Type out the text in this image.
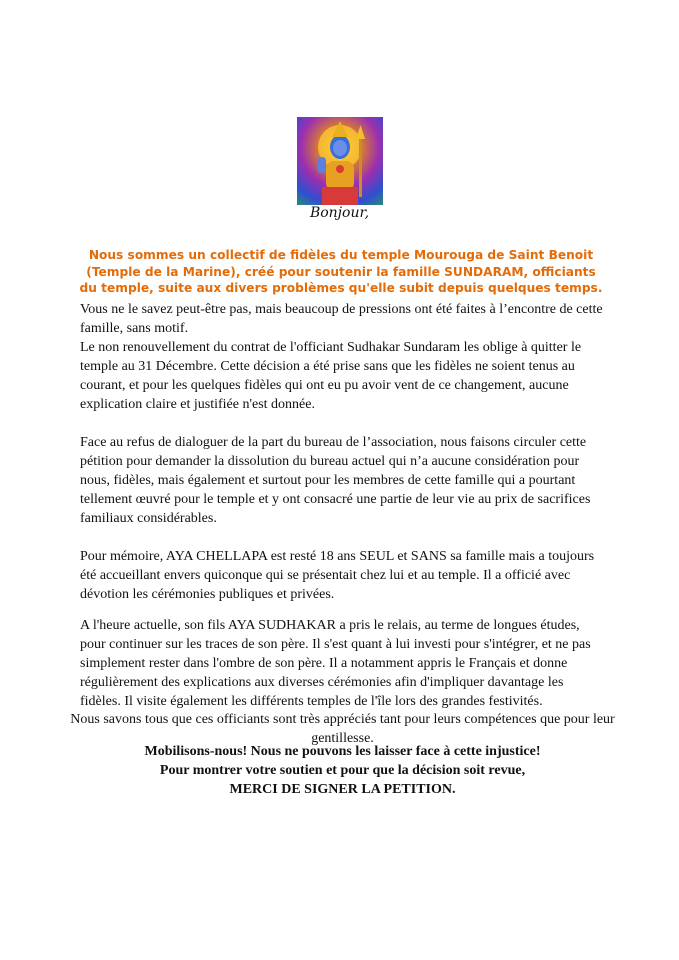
Bonjour,
Nous sommes un collectif de fidèles du temple Mourouga de Saint Benoit (Temple de la Marine), créé pour soutenir la famille SUNDARAM, officiants du temple, suite aux divers problèmes qu'elle subit depuis quelques temps.

Vous ne le savez peut-être pas, mais beaucoup de pressions ont été faites à l’encontre de cette famille, sans motif.

Le non renouvellement du contrat de l'officiant Sudhakar Sundaram les oblige à quitter le temple au 31 Décembre. Cette décision a été prise sans que les fidèles ne soient tenus au courant, et pour les quelques fidèles qui ont eu pu avoir vent de ce changement, aucune explication claire et justifiée n'est donnée.

Face au refus de dialoguer de la part du bureau de l’association, nous faisons circuler cette pétition pour demander la dissolution du bureau actuel qui n’a aucune considération pour nous, fidèles, mais également et surtout pour les membres de cette famille qui a pourtant tellement œuvré pour le temple et y ont consacré une partie de leur vie au prix de sacrifices familiaux considérables.

Pour mémoire, AYA CHELLAPA est resté 18 ans SEUL et SANS sa famille mais a toujours été accueillant envers quiconque qui se présentait chez lui et au temple. Il a officié avec dévotion les cérémonies publiques et privées.

A l'heure actuelle, son fils AYA SUDHAKAR a pris le relais, au terme de longues études, pour continuer sur les traces de son père. Il s'est quant à lui investi pour s'intégrer, et ne pas simplement rester dans l'ombre de son père. Il a notamment appris le Français et donne régulièrement des explications aux diverses cérémonies afin d'impliquer davantage les fidèles. Il visite également les différents temples de l'île lors des grandes festivités.

Nous savons tous que ces officiants sont très appréciés tant pour leurs compétences que pour leur gentillesse.
Mobilisons-nous! Nous ne pouvons les laisser face à cette injustice!
Pour montrer votre soutien et pour que la décision soit revue,
MERCI DE SIGNER LA PETITION.
